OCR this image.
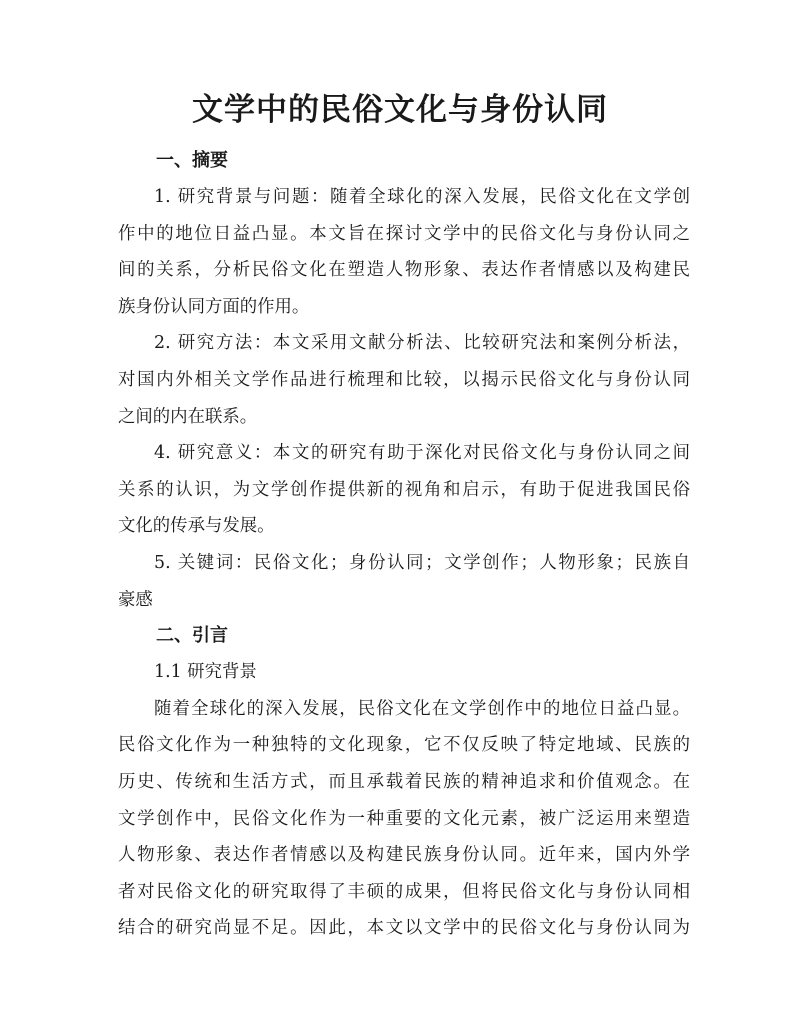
文学中的民俗文化与身份认同
一、摘要
1. 研究背景与问题：随着全球化的深入发展，民俗文化在文学创
作中的地位日益凸显。本文旨在探讨文学中的民俗文化与身份认同之
间的关系，分析民俗文化在塑造人物形象、表达作者情感以及构建民
族身份认同方面的作用。
2. 研究方法：本文采用文献分析法、比较研究法和案例分析法，
对国内外相关文学作品进行梳理和比较，以揭示民俗文化与身份认同
之间的内在联系。
4. 研究意义：本文的研究有助于深化对民俗文化与身份认同之间
关系的认识，为文学创作提供新的视角和启示，有助于促进我国民俗
文化的传承与发展。
5. 关键词：民俗文化；身份认同；文学创作；人物形象；民族自
豪感
二、引言

1.1 研究背景

随着全球化的深入发展，民俗文化在文学创作中的地位日益凸显。
民俗文化作为一种独特的文化现象，它不仅反映了特定地域、民族的
历史、传统和生活方式，而且承载着民族的精神追求和价值观念。在
文学创作中，民俗文化作为一种重要的文化元素，被广泛运用来塑造
人物形象、表达作者情感以及构建民族身份认同。近年来，国内外学
者对民俗文化的研究取得了丰硕的成果，但将民俗文化与身份认同相
结合的研究尚显不足。因此，本文以文学中的民俗文化与身份认同为
